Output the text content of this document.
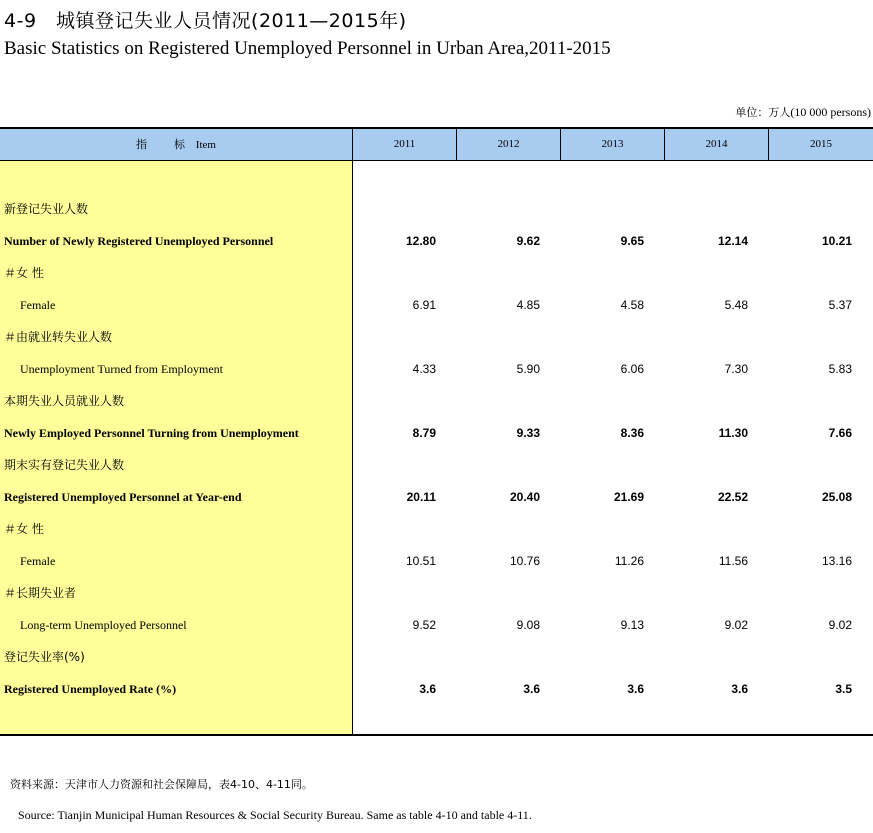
4-9　城镇登记失业人员情况(2011—2015年)
Basic Statistics on Registered Unemployed Personnel in Urban Area,2011-2015
单位：万人(10 000 persons)
指　标 Item	2011	2012	2013	2014	2015
新登记失业人数
Number of Newly Registered Unemployed Personnel	12.80	9.62	9.65	12.14	10.21
＃女 性
Female	6.91	4.85	4.58	5.48	5.37
＃由就业转失业人数
Unemployment Turned from Employment	4.33	5.90	6.06	7.30	5.83
本期失业人员就业人数
Newly Employed Personnel Turning from Unemployment	8.79	9.33	8.36	11.30	7.66
期末实有登记失业人数
Registered Unemployed Personnel at Year-end	20.11	20.40	21.69	22.52	25.08
＃女 性
Female	10.51	10.76	11.26	11.56	13.16
＃长期失业者
Long-term Unemployed Personnel	9.52	9.08	9.13	9.02	9.02
登记失业率(%)
Registered Unemployed Rate (%)	3.6	3.6	3.6	3.6	3.5
资料来源：天津市人力资源和社会保障局，表4-10、4-11同。
Source: Tianjin Municipal Human Resources & Social Security Bureau. Same as table 4-10 and table 4-11.
